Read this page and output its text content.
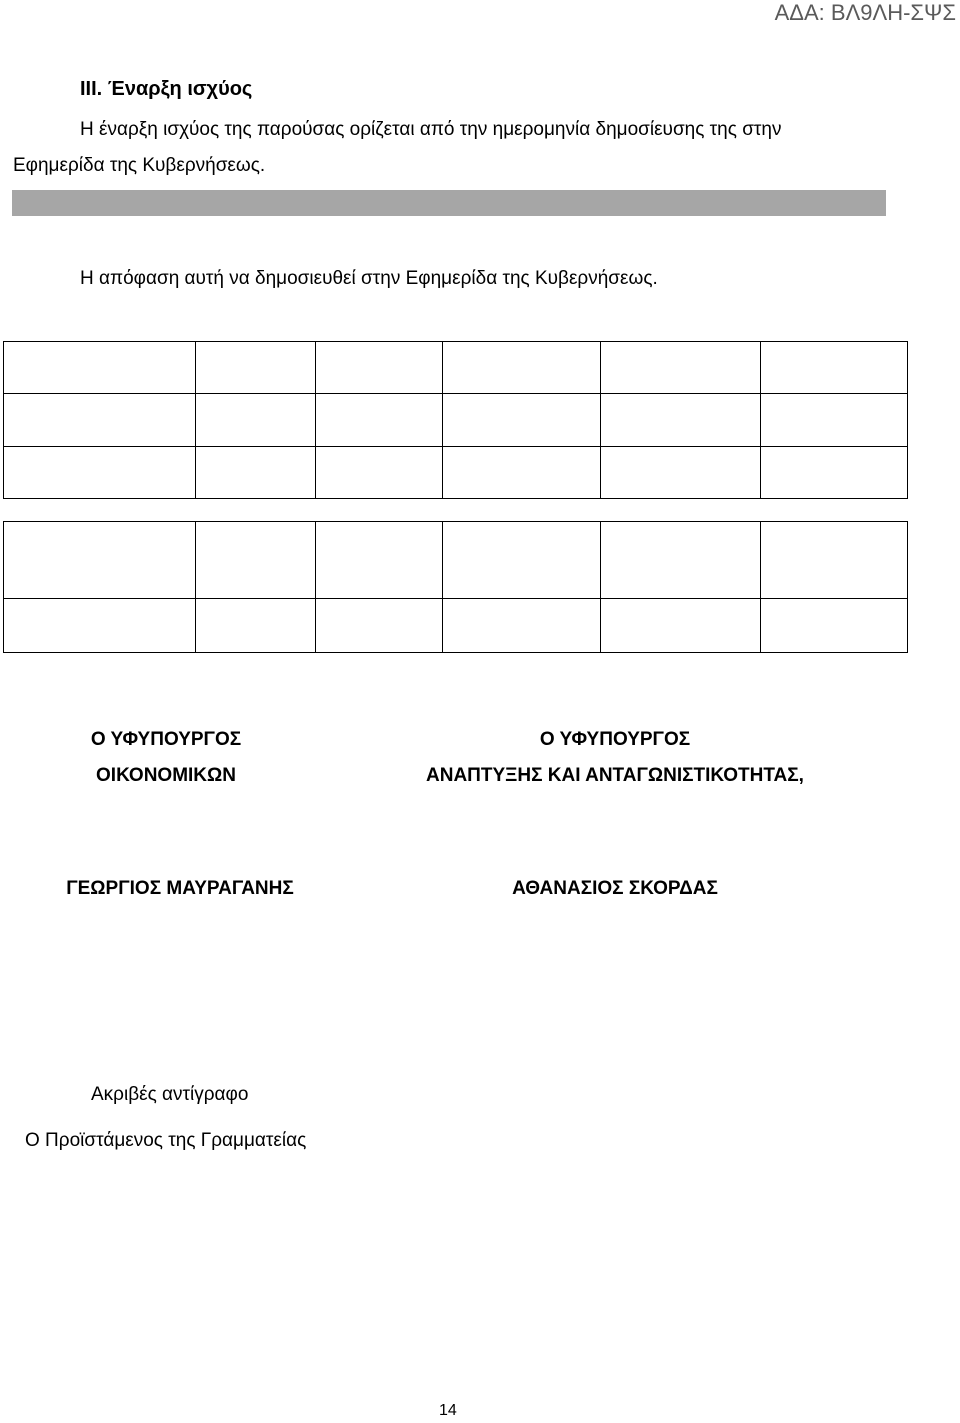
ΑΔΑ: ΒΛ9ΛΗ-ΣΨΣ
III. Έναρξη ισχύος
Η έναρξη ισχύος της παρούσας ορίζεται από την ημερομηνία δημοσίευσης της στην
Εφημερίδα της Κυβερνήσεως.
Η απόφαση αυτή να δημοσιευθεί στην Εφημερίδα της Κυβερνήσεως.

Ο ΥΦΥΠΟΥΡΓΟΣ
ΟΙΚΟΝΟΜΙΚΩΝ
Ο ΥΦΥΠΟΥΡΓΟΣ
ΑΝΑΠΤΥΞΗΣ ΚΑΙ ΑΝΤΑΓΩΝΙΣΤΙΚΟΤΗΤΑΣ,
ΓΕΩΡΓΙΟΣ ΜΑΥΡΑΓΑΝΗΣ	ΑΘΑΝΑΣΙΟΣ ΣΚΟΡΔΑΣ
Ακριβές αντίγραφο
Ο Προϊστάμενος της Γραμματείας
14
